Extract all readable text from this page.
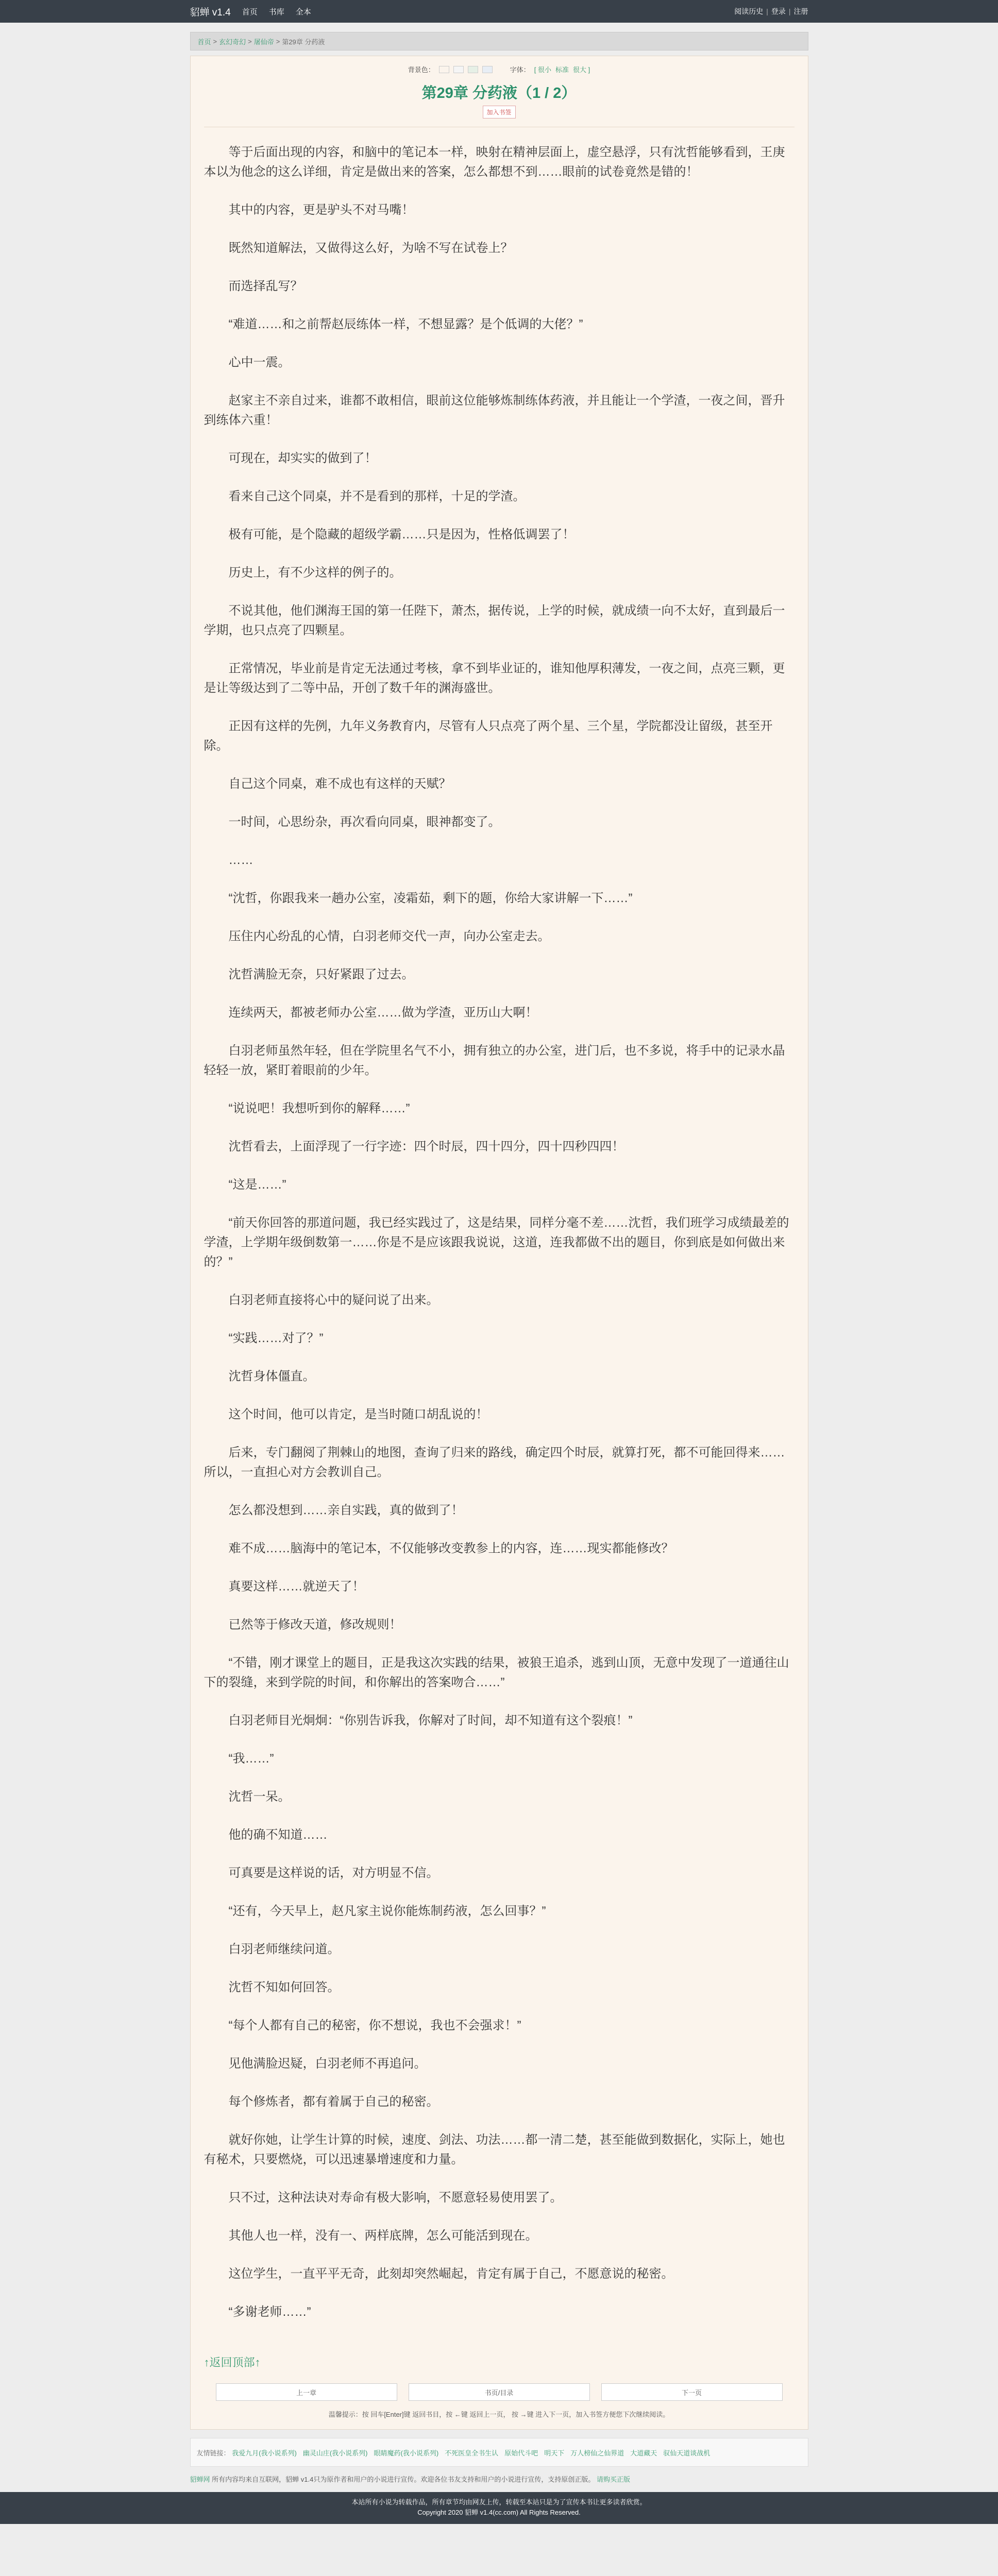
貂蝉 v1.4 首页 书库 全本	阅读历史 | 登录 | 注册
首页 > 玄幻奇幻 > 屠仙帝 > 第29章 分药液
背景色：	字体： [ 很小 标准 很大 ]
第29章 分药液（1 / 2）
加入书签

等于后面出现的内容，和脑中的笔记本一样，映射在精神层面上，虚空悬浮，只有沈哲能够看到，王庚本以为他念的这么详细，肯定是做出来的答案，怎么都想不到……眼前的试卷竟然是错的！

其中的内容，更是驴头不对马嘴！

既然知道解法，又做得这么好，为啥不写在试卷上？

而选择乱写？

“难道……和之前帮赵辰练体一样，不想显露？是个低调的大佬？”

心中一震。

赵家主不亲自过来，谁都不敢相信，眼前这位能够炼制练体药液，并且能让一个学渣，一夜之间，晋升到练体六重！

可现在，却实实的做到了！

看来自己这个同桌，并不是看到的那样，十足的学渣。

极有可能，是个隐藏的超级学霸……只是因为，性格低调罢了！

历史上，有不少这样的例子的。

不说其他，他们渊海王国的第一任陛下，萧杰，据传说，上学的时候，就成绩一向不太好，直到最后一学期，也只点亮了四颗星。

正常情况，毕业前是肯定无法通过考核，拿不到毕业证的，谁知他厚积薄发，一夜之间，点亮三颗，更是让等级达到了二等中品，开创了数千年的渊海盛世。

正因有这样的先例，九年义务教育内，尽管有人只点亮了两个星、三个星，学院都没让留级，甚至开除。

自己这个同桌，难不成也有这样的天赋？

一时间，心思纷杂，再次看向同桌，眼神都变了。

……

“沈哲，你跟我来一趟办公室，凌霜茹，剩下的题，你给大家讲解一下……”

压住内心纷乱的心情，白羽老师交代一声，向办公室走去。

沈哲满脸无奈，只好紧跟了过去。

连续两天，都被老师办公室……做为学渣，亚历山大啊！

白羽老师虽然年轻，但在学院里名气不小，拥有独立的办公室，进门后，也不多说，将手中的记录水晶轻轻一放，紧盯着眼前的少年。

“说说吧！我想听到你的解释……”

沈哲看去，上面浮现了一行字迹：四个时辰，四十四分，四十四秒四四！

“这是……”

“前天你回答的那道问题，我已经实践过了，这是结果，同样分毫不差……沈哲，我们班学习成绩最差的学渣，上学期年级倒数第一……你是不是应该跟我说说，这道，连我都做不出的题目，你到底是如何做出来的？”

白羽老师直接将心中的疑问说了出来。

“实践……对了？”

沈哲身体僵直。

这个时间，他可以肯定，是当时随口胡乱说的！

后来，专门翻阅了荆棘山的地图，查询了归来的路线，确定四个时辰，就算打死，都不可能回得来……所以，一直担心对方会教训自己。

怎么都没想到……亲自实践，真的做到了！

难不成……脑海中的笔记本，不仅能够改变教参上的内容，连……现实都能修改？

真要这样……就逆天了！

已然等于修改天道，修改规则！

“不错，刚才课堂上的题目，正是我这次实践的结果，被狼王追杀，逃到山顶，无意中发现了一道通往山下的裂缝，来到学院的时间，和你解出的答案吻合……”

白羽老师目光炯炯：“你别告诉我，你解对了时间，却不知道有这个裂痕！”

“我……”

沈哲一呆。

他的确不知道……

可真要是这样说的话，对方明显不信。

“还有，今天早上，赵凡家主说你能炼制药液，怎么回事？”

白羽老师继续问道。

沈哲不知如何回答。

“每个人都有自己的秘密，你不想说，我也不会强求！”

见他满脸迟疑，白羽老师不再追问。

每个修炼者，都有着属于自己的秘密。

就好你她，让学生计算的时候，速度、剑法、功法……都一清二楚，甚至能做到数据化，实际上，她也有秘术，只要燃烧，可以迅速暴增速度和力量。

只不过，这种法诀对寿命有极大影响，不愿意轻易使用罢了。

其他人也一样，没有一、两样底牌，怎么可能活到现在。

这位学生，一直平平无奇，此刻却突然崛起，肯定有属于自己，不愿意说的秘密。

“多谢老师……”

↑返回顶部↑
上一章	书页/目录	下一页
温馨提示：按 回车[Enter]键 返回书目，按 ←键 返回上一页， 按 →键 进入下一页，加入书签方便您下次继续阅读。
友情链接： 我爱九月(我小说系列) 幽灵山庄(我小说系列) 眼睛魔药(我小说系列) 不死医皇全书生认 原始代斗吧 明天下 万人榜仙之仙界道 大道藏天 驭仙天道谈战机
貂蝉网 所有内容均来自互联网，貂蝉 v1.4只为原作者和用户的小说进行宣传。欢迎各位书友支持和用户的小说进行宣传，支持原创正版。 请购买正版
本站所有小说为转载作品，所有章节均由网友上传，转载至本站只是为了宣传本书让更多读者欣赏。
Copyright 2020 貂蝉 v1.4(cc.com) All Rights Reserved.
